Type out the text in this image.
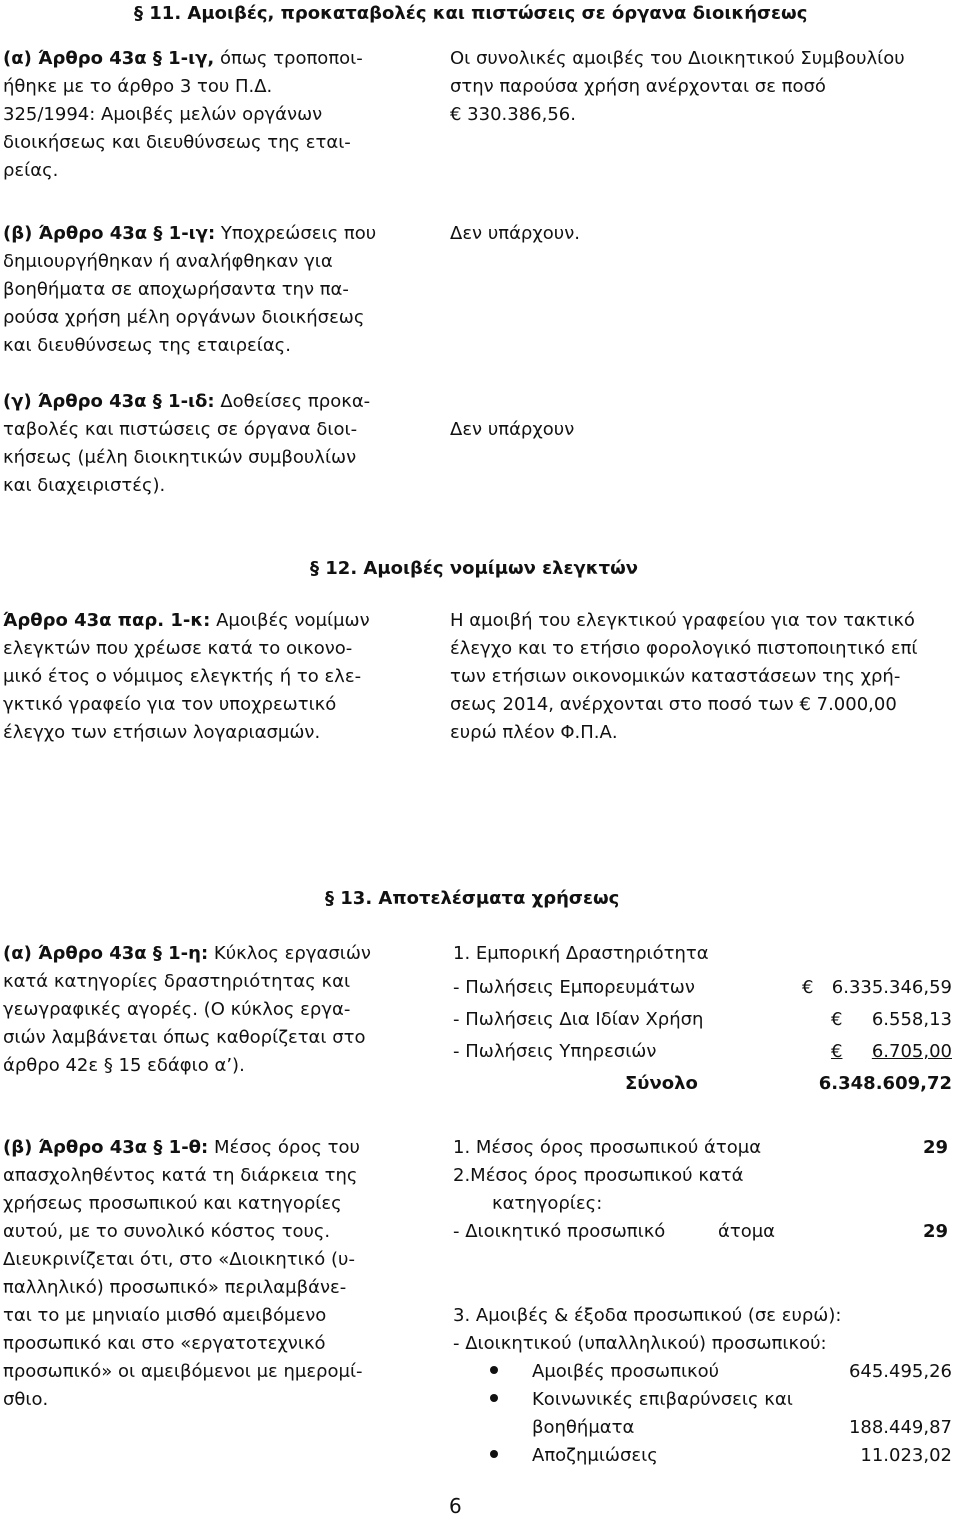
§ 11. Αμοιβές, προκαταβολές και πιστώσεις σε όργανα διοικήσεως
(α) Άρθρο 43α § 1-ιγ, όπως τροποποι-
ήθηκε με το άρθρο 3 του Π.Δ.
325/1994: Αμοιβές μελών οργάνων
διοικήσεως και διευθύνσεως της εται-
ρείας.
Οι συνολικές αμοιβές του Διοικητικού Συμβουλίου
στην παρούσα χρήση ανέρχονται σε ποσό
€ 330.386,56.
(β) Άρθρο 43α § 1-ιγ: Υποχρεώσεις που
δημιουργήθηκαν ή αναλήφθηκαν για
βοηθήματα σε αποχωρήσαντα την πα-
ρούσα χρήση μέλη οργάνων διοικήσεως
και διευθύνσεως της εταιρείας.
Δεν υπάρχουν.
(γ) Άρθρο 43α § 1-ιδ: Δοθείσες προκα-
ταβολές και πιστώσεις σε όργανα διοι-
κήσεως (μέλη διοικητικών συμβουλίων
και διαχειριστές).
Δεν υπάρχουν
§ 12. Αμοιβές νομίμων ελεγκτών
Άρθρο 43α παρ. 1-κ: Αμοιβές νομίμων
ελεγκτών που χρέωσε κατά το οικονο-
μικό έτος ο νόμιμος ελεγκτής ή το ελε-
γκτικό γραφείο για τον υποχρεωτικό
έλεγχο των ετήσιων λογαριασμών.
Η αμοιβή του ελεγκτικού γραφείου για τον τακτικό
έλεγχο και το ετήσιο φορολογικό πιστοποιητικό επί
των ετήσιων οικονομικών καταστάσεων της χρή-
σεως 2014, ανέρχονται στο ποσό των € 7.000,00
ευρώ πλέον Φ.Π.Α.
§ 13. Αποτελέσματα χρήσεως
(α) Άρθρο 43α § 1-η: Κύκλος εργασιών
κατά κατηγορίες δραστηριότητας και
γεωγραφικές αγορές. (Ο κύκλος εργα-
σιών λαμβάνεται όπως καθορίζεται στο
άρθρο 42ε § 15 εδάφιο α’).
1. Εμπορική Δραστηριότητα
- Πωλήσεις Εμπορευμάτων	€	6.335.346,59
- Πωλήσεις Δια Ιδίαν Χρήση	€	6.558,13
- Πωλήσεις Υπηρεσιών	€	6.705,00
Σύνολο	6.348.609,72
(β) Άρθρο 43α § 1-θ: Μέσος όρος του
απασχοληθέντος κατά τη διάρκεια της
χρήσεως προσωπικού και κατηγορίες
αυτού, με το συνολικό κόστος τους.
Διευκρινίζεται ότι, στο «Διοικητικό (υ-
παλληλικό) προσωπικό» περιλαμβάνε-
ται το με μηνιαίο μισθό αμειβόμενο
προσωπικό και στο «εργατοτεχνικό
προσωπικό» οι αμειβόμενοι με ημερομί-
σθιο.
1. Μέσος όρος προσωπικού άτομα	29
2.Μέσος όρος προσωπικού κατά
κατηγορίες:
- Διοικητικό προσωπικό	άτομα	29
3. Αμοιβές & έξοδα προσωπικού (σε ευρώ):
- Διοικητικού (υπαλληλικού) προσωπικού:
Αμοιβές προσωπικού	645.495,26
Κοινωνικές επιβαρύνσεις και
βοηθήματα	188.449,87
Αποζημιώσεις	11.023,02
6
